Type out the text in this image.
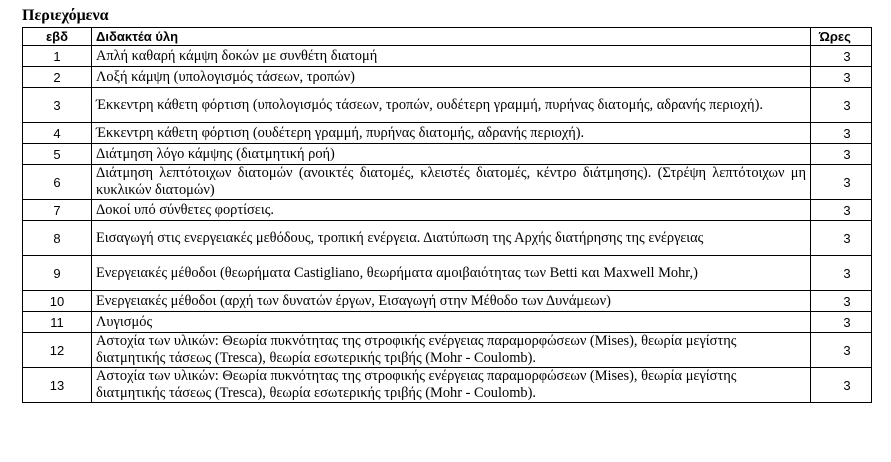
Περιεχόμενα
εβδ	Διδακτέα ύλη	Ώρες
1	Απλή καθαρή κάμψη δοκών με συνθέτη διατομή	3
2	Λοξή κάμψη (υπολογισμός τάσεων, τροπών)	3
3	Έκκεντρη κάθετη φόρτιση (υπολογισμός τάσεων, τροπών, ουδέτερη γραμμή, πυρήνας διατομής, αδρανής περιοχή).	3
4	Έκκεντρη κάθετη φόρτιση (ουδέτερη γραμμή, πυρήνας διατομής, αδρανής περιοχή).	3
5	Διάτμηση λόγο κάμψης (διατμητική ροή)	3
6	Διάτμηση λεπτότοιχων διατομών (ανοικτές διατομές, κλειστές διατομές, κέντρο διάτμησης). (Στρέψη λεπτότοιχων μη κυκλικών διατομών)	3
7	Δοκοί υπό σύνθετες φορτίσεις.	3
8	Εισαγωγή στις ενεργειακές μεθόδους, τροπική ενέργεια. Διατύπωση της Αρχής διατήρησης της ενέργειας	3
9	Ενεργειακές μέθοδοι (θεωρήματα Castigliano, θεωρήματα αμοιβαιότητας των Betti και Maxwell Mohr,)	3
10	Ενεργειακές μέθοδοι (αρχή των δυνατών έργων, Εισαγωγή στην Μέθοδο των Δυνάμεων)	3
11	Λυγισμός	3
12	Αστοχία των υλικών: Θεωρία πυκνότητας της στροφικής ενέργειας παραμορφώσεων (Mises), θεωρία μεγίστης διατμητικής τάσεως (Tresca), θεωρία εσωτερικής τριβής (Mohr - Coulomb).	3
13	Αστοχία των υλικών: Θεωρία πυκνότητας της στροφικής ενέργειας παραμορφώσεων (Mises), θεωρία μεγίστης διατμητικής τάσεως (Tresca), θεωρία εσωτερικής τριβής (Mohr - Coulomb).	3
